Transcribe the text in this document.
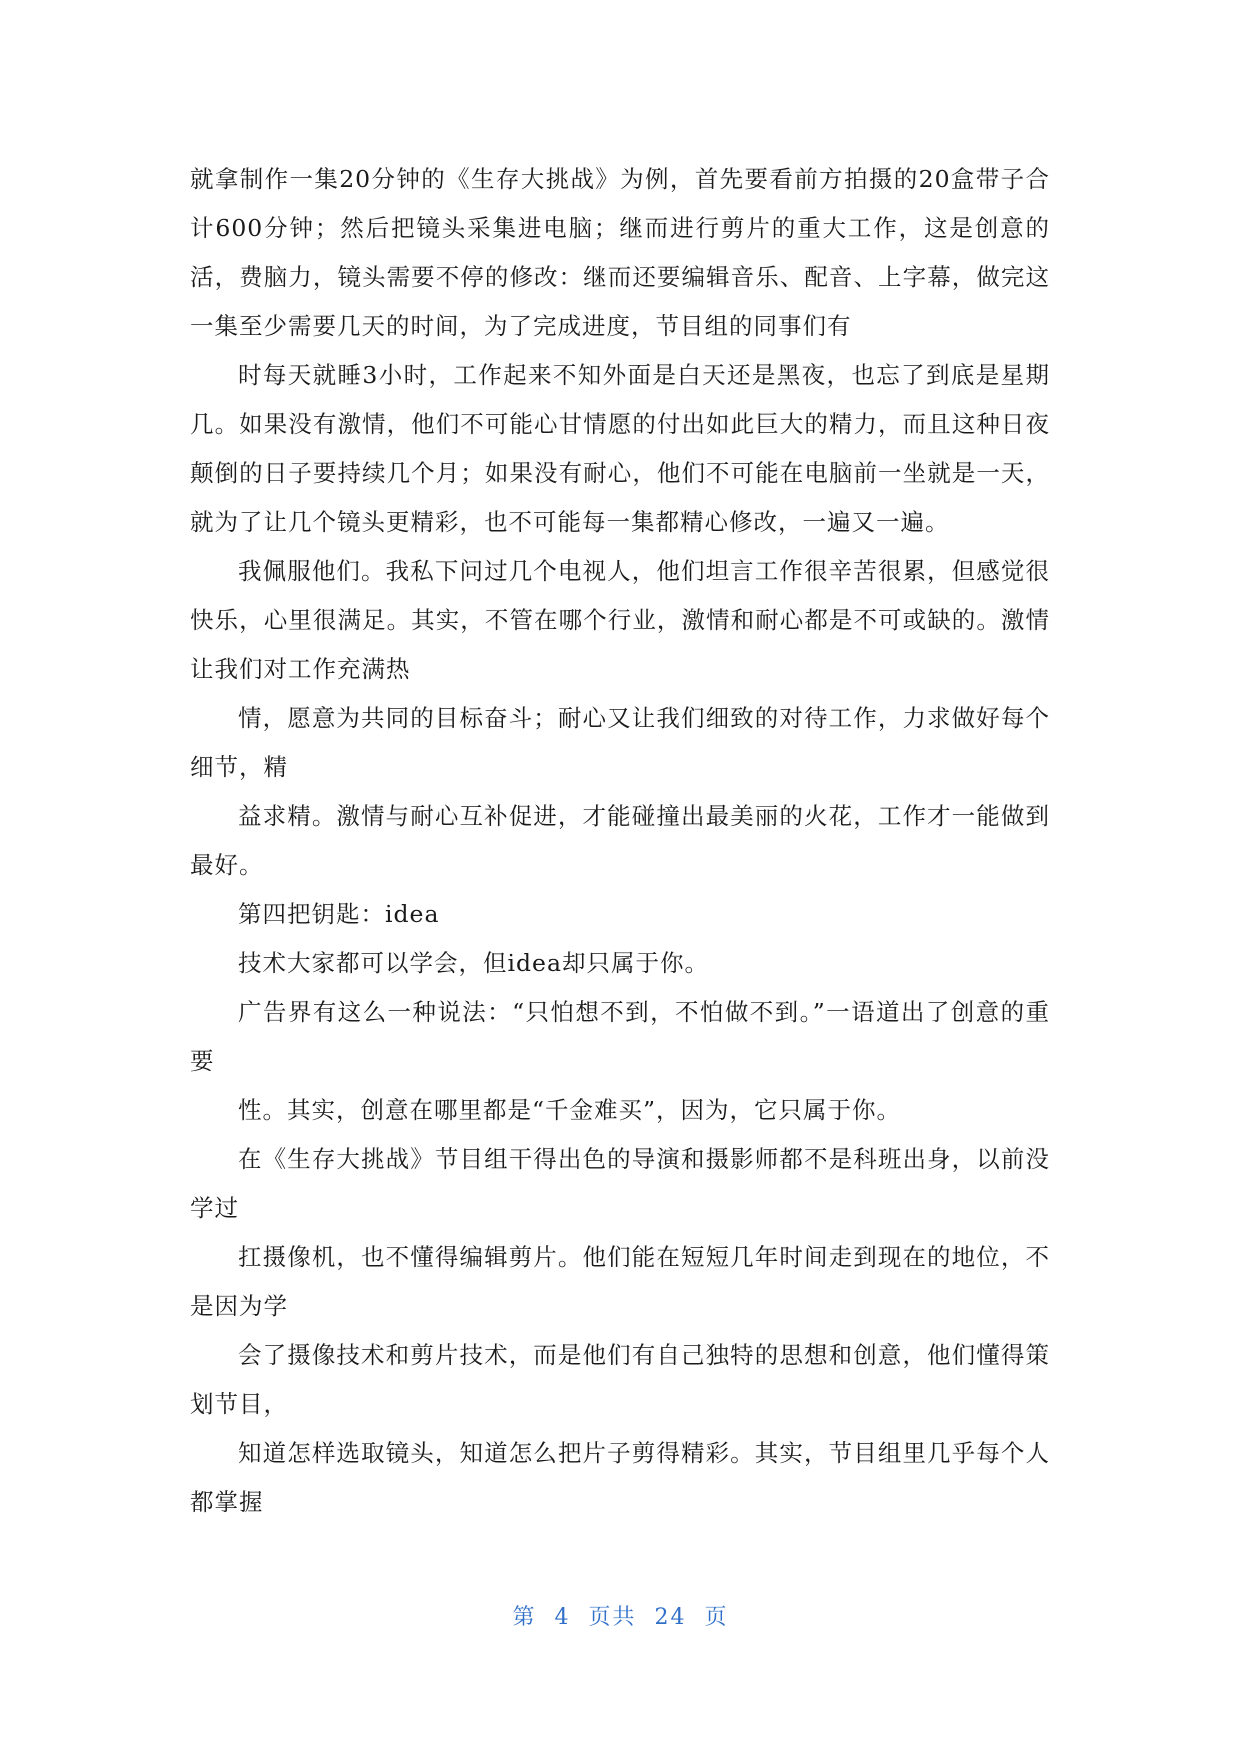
就拿制作一集20分钟的《生存大挑战》为例，首先要看前方拍摄的20盒带子合计600分钟；然后把镜头采集进电脑；继而进行剪片的重大工作，这是创意的活，费脑力，镜头需要不停的修改：继而还要编辑音乐、配音、上字幕，做完这一集至少需要几天的时间，为了完成进度，节目组的同事们有

时每天就睡3小时，工作起来不知外面是白天还是黑夜，也忘了到底是星期几。如果没有激情，他们不可能心甘情愿的付出如此巨大的精力，而且这种日夜颠倒的日子要持续几个月；如果没有耐心，他们不可能在电脑前一坐就是一天，就为了让几个镜头更精彩，也不可能每一集都精心修改，一遍又一遍。

我佩服他们。我私下问过几个电视人，他们坦言工作很辛苦很累，但感觉很快乐，心里很满足。其实，不管在哪个行业，激情和耐心都是不可或缺的。激情让我们对工作充满热

情，愿意为共同的目标奋斗；耐心又让我们细致的对待工作，力求做好每个细节，精

益求精。激情与耐心互补促进，才能碰撞出最美丽的火花，工作才一能做到最好。

第四把钥匙：idea

技术大家都可以学会，但idea却只属于你。

广告界有这么一种说法：“只怕想不到，不怕做不到。”一语道出了创意的重要

性。其实，创意在哪里都是“千金难买”，因为，它只属于你。

在《生存大挑战》节目组干得出色的导演和摄影师都不是科班出身，以前没学过

扛摄像机，也不懂得编辑剪片。他们能在短短几年时间走到现在的地位，不是因为学

会了摄像技术和剪片技术，而是他们有自己独特的思想和创意，他们懂得策划节目，

知道怎样选取镜头，知道怎么把片子剪得精彩。其实，节目组里几乎每个人都掌握

第 4 页共 24 页
